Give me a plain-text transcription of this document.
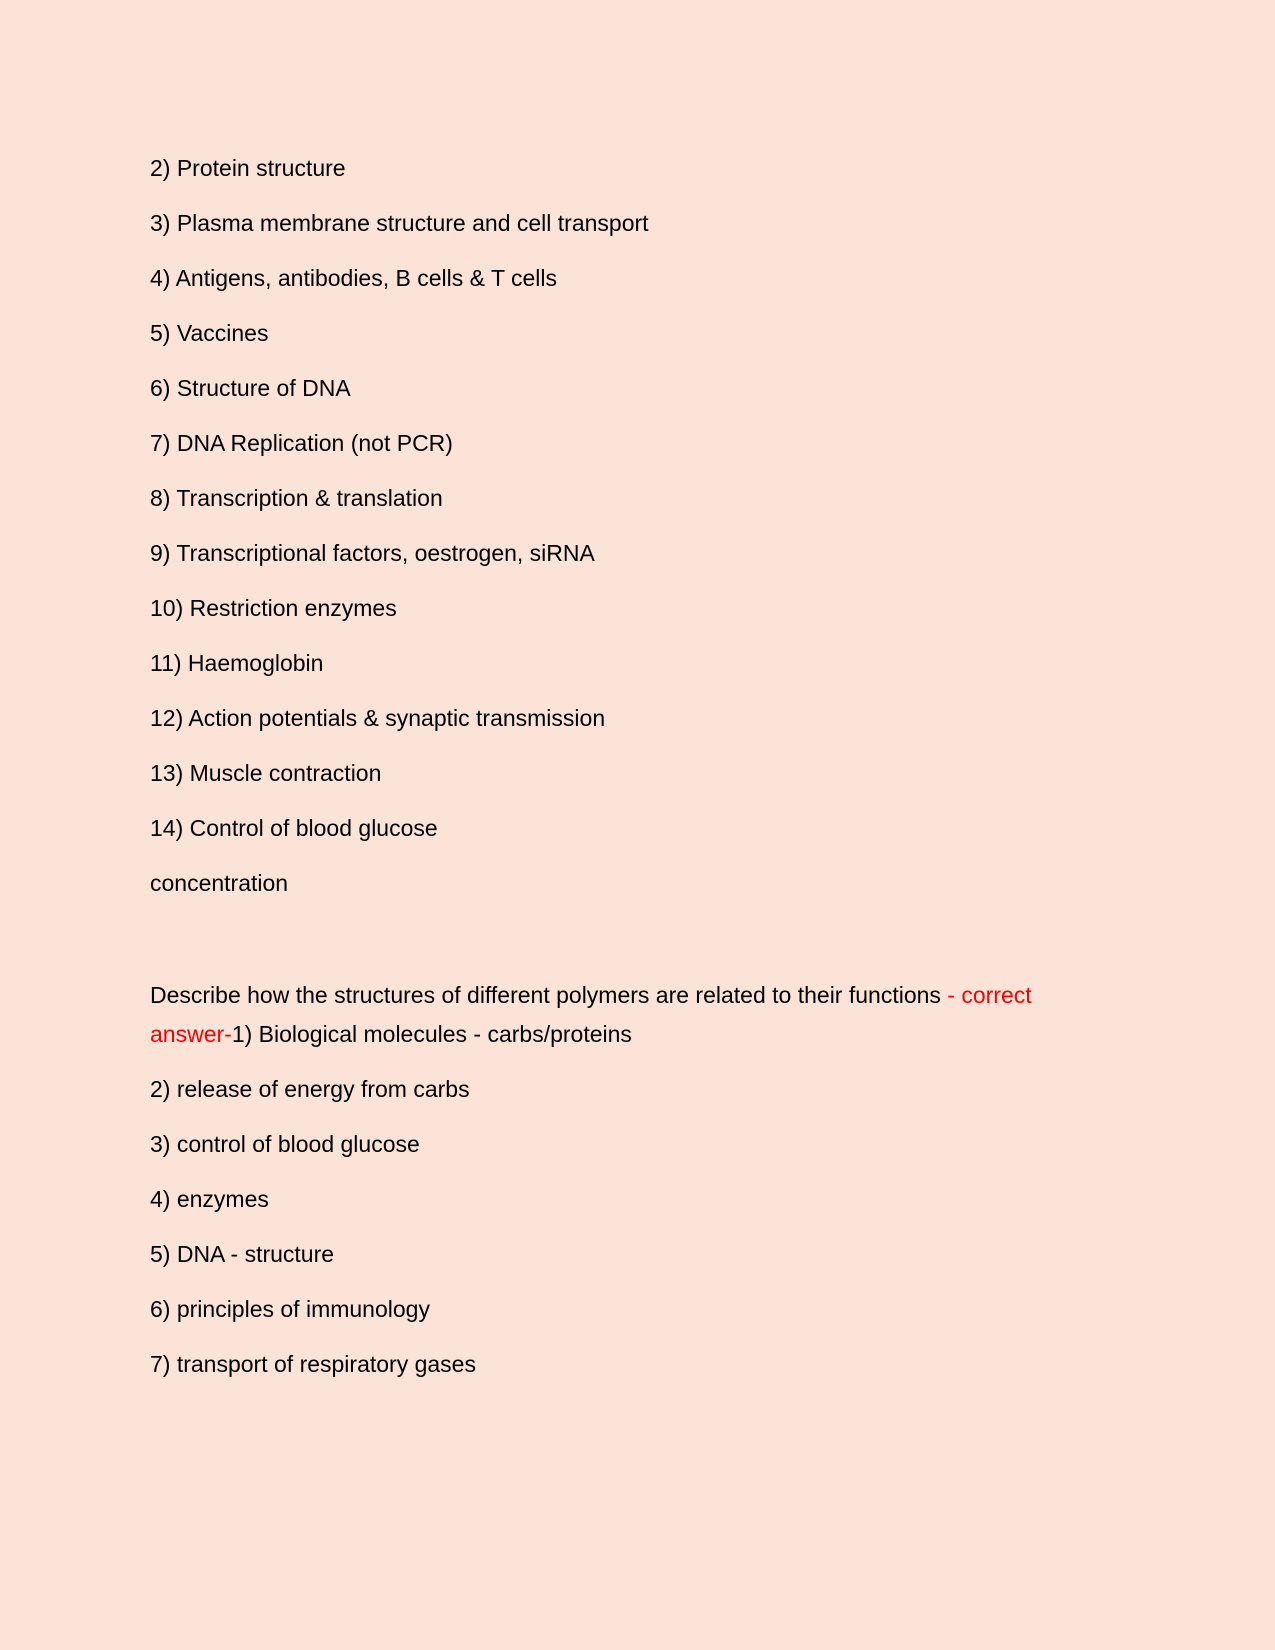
2) Protein structure
3) Plasma membrane structure and cell transport
4) Antigens, antibodies, B cells & T cells
5) Vaccines
6) Structure of DNA
7) DNA Replication (not PCR)
8) Transcription & translation
9) Transcriptional factors, oestrogen, siRNA
10) Restriction enzymes
11) Haemoglobin
12) Action potentials & synaptic transmission
13) Muscle contraction
14) Control of blood glucose
concentration
Describe how the structures of different polymers are related to their functions - correct answer-1) Biological molecules - carbs/proteins
2) release of energy from carbs
3) control of blood glucose
4) enzymes
5) DNA - structure
6) principles of immunology
7) transport of respiratory gases
